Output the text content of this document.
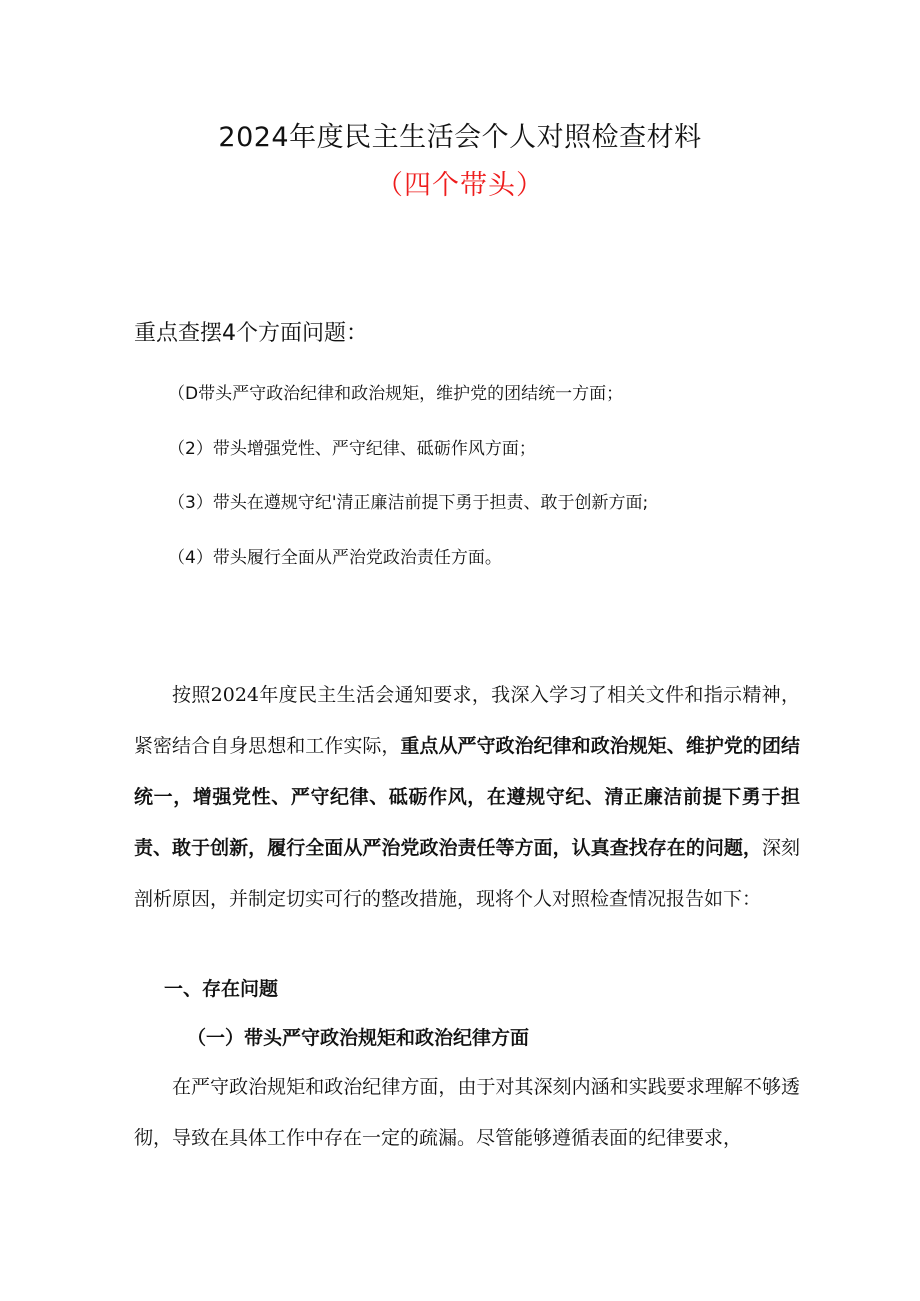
2024年度民主生活会个人对照检查材料
（四个带头）
重点查摆4个方面问题：
（D带头严守政治纪律和政治规矩，维护党的团结统一方面；
（2）带头增强党性、严守纪律、砥砺作风方面；
（3）带头在遵规守纪'清正廉洁前提下勇于担责、敢于创新方面;
（4）带头履行全面从严治党政治责任方面。
按照2024年度民主生活会通知要求，我深入学习了相关文件和指示精神，紧密结合自身思想和工作实际，重点从严守政治纪律和政治规矩、维护党的团结统一，增强党性、严守纪律、砥砺作风，在遵规守纪、清正廉洁前提下勇于担责、敢于创新，履行全面从严治党政治责任等方面，认真查找存在的问题，深刻剖析原因，并制定切实可行的整改措施，现将个人对照检查情况报告如下：
一、存在问题
（一）带头严守政治规矩和政治纪律方面
在严守政治规矩和政治纪律方面，由于对其深刻内涵和实践要求理解不够透彻，导致在具体工作中存在一定的疏漏。尽管能够遵循表面的纪律要求，
